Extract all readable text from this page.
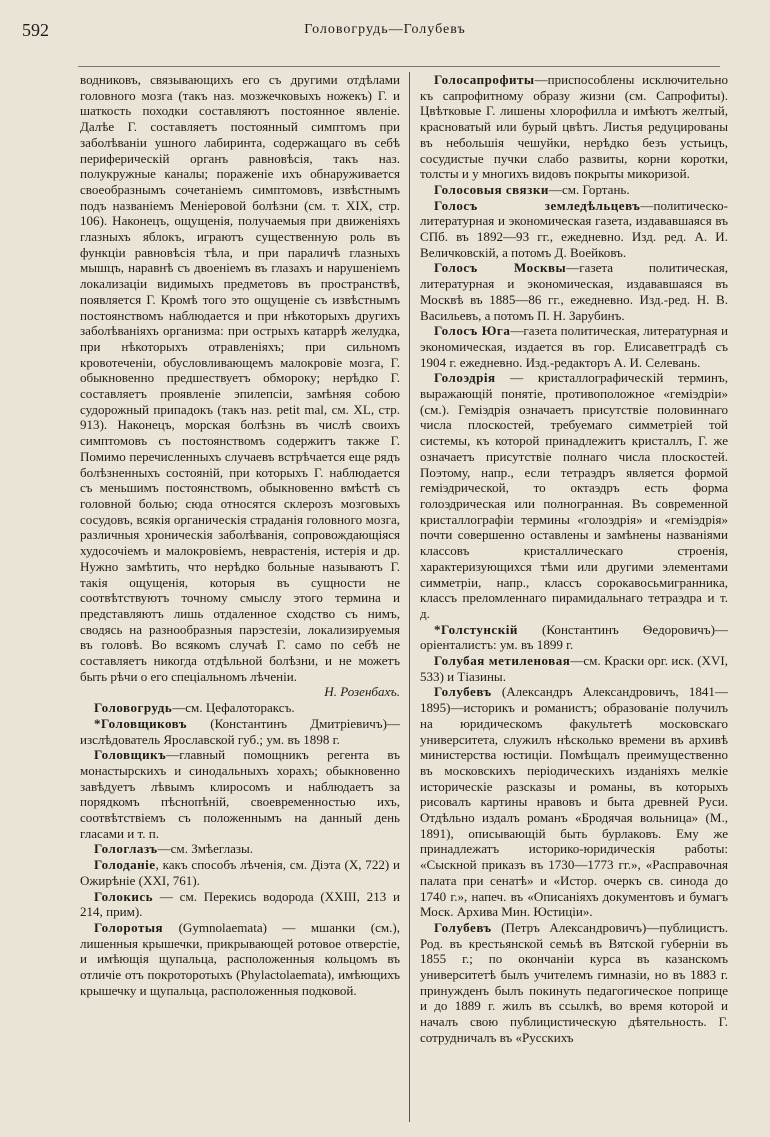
592	Головогрудь—Голубевъ

водниковъ, связывающихъ его съ другими отдѣлами головного мозга (такъ наз. мозжечковыхъ ножекъ) Г. и шаткость походки составляютъ постоянное явленіе. Далѣе Г. составляетъ постоянный симптомъ при заболѣваніи ушного лабиринта, содержащаго въ себѣ периферическій органъ равновѣсія, такъ наз. полукружные каналы; пораженіе ихъ обнаруживается своеобразнымъ сочетаніемъ симптомовъ, извѣстнымъ подъ названіемъ Меніеровой болѣзни (см. т. XIX, стр. 106). Наконецъ, ощущенія, получаемыя при движеніяхъ глазныхъ яблокъ, играютъ существенную роль въ функціи равновѣсія тѣла, и при параличѣ глазныхъ мышцъ, наравнѣ съ двоеніемъ въ глазахъ и нарушеніемъ локализаціи видимыхъ предметовъ въ пространствѣ, появляется Г. Кромѣ того это ощущеніе съ извѣстнымъ постоянствомъ наблюдается и при нѣкоторыхъ другихъ заболѣваніяхъ организма: при острыхъ катаррѣ желудка, при нѣкоторыхъ отравленіяхъ; при сильномъ кровотеченіи, обусловливающемъ малокровіе мозга, Г. обыкновенно предшествуетъ обмороку; нерѣдко Г. составляетъ проявленіе эпилепсіи, замѣняя собою судорожный припадокъ (такъ наз. petit mal, см. XL, стр. 913). Наконецъ, морская болѣзнь въ числѣ своихъ симптомовъ съ постоянствомъ содержитъ также Г. Помимо перечисленныхъ случаевъ встрѣчается еще рядъ болѣзненныхъ состояній, при которыхъ Г. наблюдается съ меньшимъ постоянствомъ, обыкновенно вмѣстѣ съ головной болью; сюда относятся склерозъ мозговыхъ сосудовъ, всякія органическія страданія головного мозга, различныя хроническія заболѣванія, сопровождающіяся худосочіемъ и малокровіемъ, неврастенія, истерія и др. Нужно замѣтить, что нерѣдко больные называютъ Г. такія ощущенія, которыя въ сущности не соотвѣтствуютъ точному смыслу этого термина и представляютъ лишь отдаленное сходство съ нимъ, сводясь на разнообразныя парэстезіи, локализируемыя въ головѣ. Во всякомъ случаѣ Г. само по себѣ не составляетъ никогда отдѣльной болѣзни, и не можетъ быть рѣчи о его спеціальномъ лѣченіи.

Н. Розенбахъ.

Головогрудь—см. Цефалотораксъ.

*Головщиковъ (Константинъ Дмитріевичъ)—изслѣдователь Ярославской губ.; ум. въ 1898 г.

Головщикъ—главный помощникъ регента въ монастырскихъ и синодальныхъ хорахъ; обыкновенно завѣдуетъ лѣвымъ клиросомъ и наблюдаетъ за порядкомъ пѣснопѣній, своевременностью ихъ, соотвѣтствіемъ съ положеннымъ на данный день гласами и т. п.

Гологлазъ—см. Змѣеглазы.

Голоданіе, какъ способъ лѣченія, см. Діэта (X, 722) и Ожирѣніе (XXI, 761).

Голокись — см. Перекись водорода (XXIII, 213 и 214, прим).

Голоротыя (Gymnolaemata) — мшанки (см.), лишенныя крышечки, прикрывающей ротовое отверстіе, и имѣющія щупальца, расположенныя кольцомъ въ отличіе отъ покроторотыхъ (Phylactolaemata), имѣющихъ крышечку и щупальца, расположенныя подковой.

Голосапрофиты—приспособлены исключительно къ сапрофитному образу жизни (см. Сапрофиты). Цвѣтковые Г. лишены хлорофилла и имѣютъ желтый, красноватый или бурый цвѣтъ. Листья редуцированы въ небольшія чешуйки, нерѣдко безъ устьицъ, сосудистые пучки слабо развиты, корни коротки, толсты и у многихъ видовъ покрыты микоризой.

Голосовыя связки—см. Гортань.

Голосъ земледѣльцевъ—политическо-литературная и экономическая газета, издававшаяся въ СПб. въ 1892—93 гг., ежедневно. Изд. ред. А. И. Величковскій, а потомъ Д. Воейковъ.

Голосъ Москвы—газета политическая, литературная и экономическая, издававшаяся въ Москвѣ въ 1885—86 гг., ежедневно. Изд.-ред. Н. В. Васильевъ, а потомъ П. Н. Зарубинъ.

Голосъ Юга—газета политическая, литературная и экономическая, издается въ гор. Елисаветградѣ съ 1904 г. ежедневно. Изд.-редакторъ А. И. Селевань.

Голоэдрія — кристаллографическій терминъ, выражающій понятіе, противоположное «геміэдріи» (см.). Геміэдрія означаетъ присутствіе половиннаго числа плоскостей, требуемаго симметріей той системы, къ которой принадлежитъ кристаллъ, Г. же означаетъ присутствіе полнаго числа плоскостей. Поэтому, напр., если тетраэдръ является формой геміэдрической, то октаэдръ есть форма голоэдрическая или полногранная. Въ современной кристаллографіи термины «голоэдрія» и «геміэдрія» почти совершенно оставлены и замѣнены названіями классовъ кристаллическаго строенія, характеризующихся тѣми или другими элементами симметріи, напр., классъ сорокавосьмигранника, классъ преломленнаго пирамидальнаго тетраэдра и т. д.

*Голстунскій (Константинъ Ѳедоровичъ)—оріенталистъ: ум. въ 1899 г.

Голубая метиленовая—см. Краски орг. иск. (XVI, 533) и Тіазины.

Голубевъ (Александръ Александровичъ, 1841—1895)—историкъ и романистъ; образованіе получилъ на юридическомъ факультетѣ московскаго университета, служилъ нѣсколько времени въ архивѣ министерства юстиціи. Помѣщалъ преимущественно въ московскихъ періодическихъ изданіяхъ мелкіе историческіе разсказы и романы, въ которыхъ рисовалъ картины нравовъ и быта древней Руси. Отдѣльно издалъ романъ «Бродячая вольница» (М., 1891), описывающій быть бурлаковъ. Ему же принадлежатъ историко-юридическія работы: «Сыскной приказъ въ 1730—1773 гг.», «Расправочная палата при сенатѣ» и «Истор. очеркъ св. синода до 1740 г.», напеч. въ «Описаніяхъ документовъ и бумагъ Моск. Архива Мин. Юстиціи».

Голубевъ (Петръ Александровичъ)—публицистъ. Род. въ крестьянской семьѣ въ Вятской губерніи въ 1855 г.; по окончаніи курса въ казанскомъ университетѣ былъ учителемъ гимназіи, но въ 1883 г. принужденъ былъ покинуть педагогическое поприще и до 1889 г. жилъ въ ссылкѣ, во время которой и началъ свою публицистическую дѣятельность. Г. сотрудничалъ въ «Русскихъ
